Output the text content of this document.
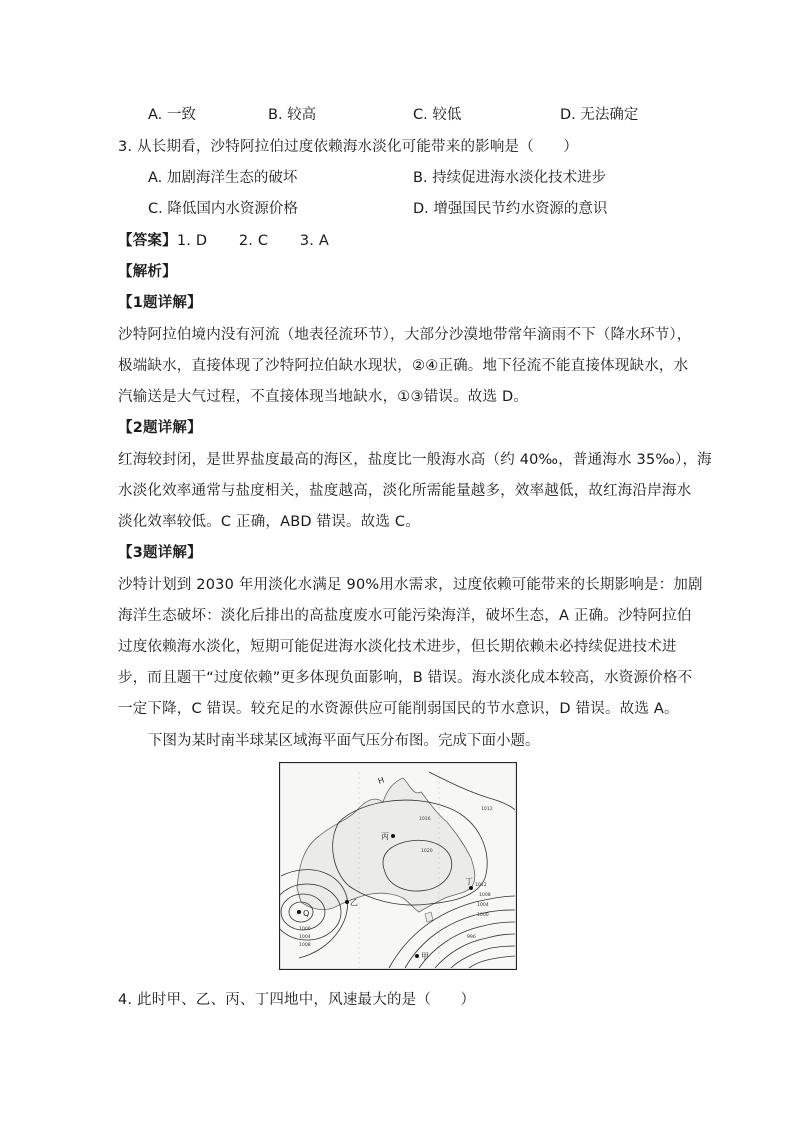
A. 一致	B. 较高	C. 较低	D. 无法确定
3. 从长期看，沙特阿拉伯过度依赖海水淡化可能带来的影响是（　　）
A. 加剧海洋生态的破坏	B. 持续促进海水淡化技术进步
C. 降低国内水资源价格	D. 增强国民节约水资源的意识
【答案】1. D 2. C 3. A
【解析】
【1题详解】
沙特阿拉伯境内没有河流（地表径流环节），大部分沙漠地带常年滴雨不下（降水环节），
极端缺水，直接体现了沙特阿拉伯缺水现状，②④正确。地下径流不能直接体现缺水，水
汽输送是大气过程，不直接体现当地缺水，①③错误。故选 D。
【2题详解】
红海较封闭，是世界盐度最高的海区，盐度比一般海水高（约 40‰，普通海水 35‰），海
水淡化效率通常与盐度相关，盐度越高，淡化所需能量越多，效率越低，故红海沿岸海水
淡化效率较低。C 正确，ABD 错误。故选 C。
【3题详解】
沙特计划到 2030 年用淡化水满足 90%用水需求，过度依赖可能带来的长期影响是：加剧
海洋生态破坏：淡化后排出的高盐度废水可能污染海洋，破坏生态，A 正确。沙特阿拉伯
过度依赖海水淡化，短期可能促进海水淡化技术进步，但长期依赖未必持续促进技术进
步，而且题干“过度依赖”更多体现负面影响，B 错误。海水淡化成本较高，水资源价格不
一定下降，C 错误。较充足的水资源供应可能削弱国民的节水意识，D 错误。故选 A。
下图为某时南半球某区域海平面气压分布图。完成下面小题。
1016
1020
1012
1012
1008
1004
1000
996
1000
1004
1008
H
丙
乙
Q
丁
甲
4. 此时甲、乙、丙、丁四地中，风速最大的是（　　）
